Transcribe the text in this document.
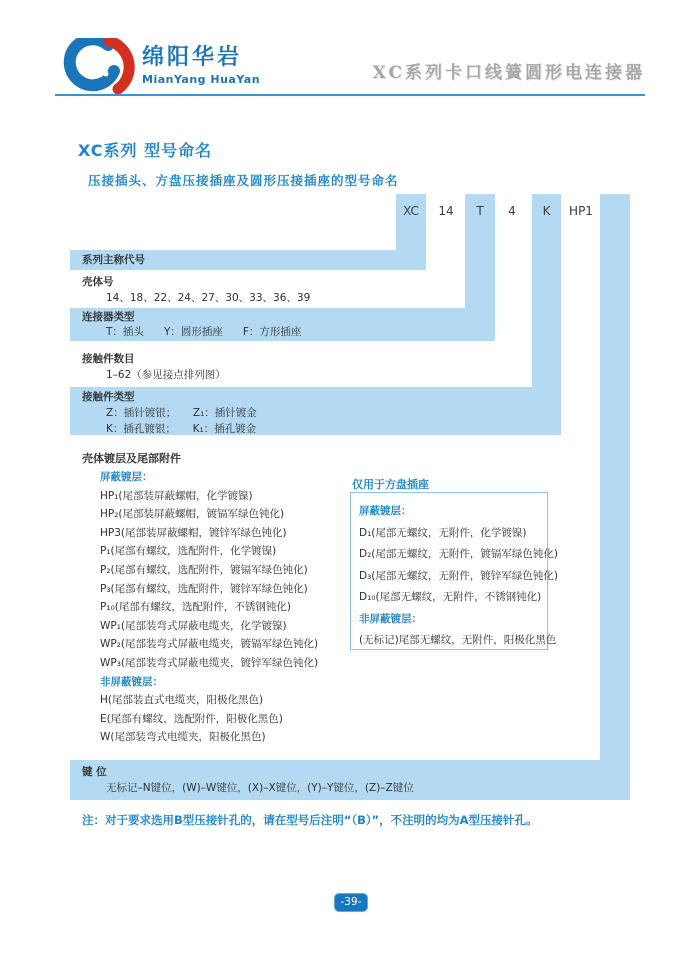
绵阳华岩
MianYang HuaYan	XC系列卡口线簧圆形电连接器
XC系列 型号命名
压接插头、方盘压接插座及圆形压接插座的型号命名
XC	14	T	4	K	HP1
系列主称代号
壳体号
14、18、22、24、27、30、33、36、39
连接器类型
T：插头      Y：圆形插座      F：方形插座
接触件数目
1–62（参见接点排列图）
接触件类型
Z：插针镀银；     Z₁：插针镀金
K：插孔镀银；     K₁：插孔镀金
壳体镀层及尾部附件
屏蔽镀层：
HP₁(尾部装屏蔽螺帽，化学镀镍)
HP₂(尾部装屏蔽螺帽，镀镉军绿色钝化)
HP3(尾部装屏蔽螺帽，镀锌军绿色钝化)
P₁(尾部有螺纹，选配附件，化学镀镍)
P₂(尾部有螺纹，选配附件，镀镉军绿色钝化)
P₃(尾部有螺纹，选配附件，镀锌军绿色钝化)
P₁₀(尾部有螺纹，选配附件，不锈钢钝化)
WP₁(尾部装弯式屏蔽电缆夹，化学镀镍)
WP₂(尾部装弯式屏蔽电缆夹，镀镉军绿色钝化)
WP₃(尾部装弯式屏蔽电缆夹，镀锌军绿色钝化)
非屏蔽镀层：
H(尾部装直式电缆夹，阳极化黑色)
E(尾部有螺纹，选配附件，阳极化黑色)
W(尾部装弯式电缆夹，阳极化黑色)
仅用于方盘插座
屏蔽镀层：
D₁(尾部无螺纹，无附件，化学镀镍)
D₂(尾部无螺纹，无附件，镀镉军绿色钝化)
D₃(尾部无螺纹，无附件，镀锌军绿色钝化)
D₁₀(尾部无螺纹，无附件，不锈钢钝化)
非屏蔽镀层：
(无标记)尾部无螺纹，无附件，阳极化黑色
键 位
无标记–N键位，(W)–W键位，(X)–X键位，(Y)–Y键位，(Z)–Z键位
注：对于要求选用B型压接针孔的，请在型号后注明“（B）”，不注明的均为A型压接针孔。
-39-
